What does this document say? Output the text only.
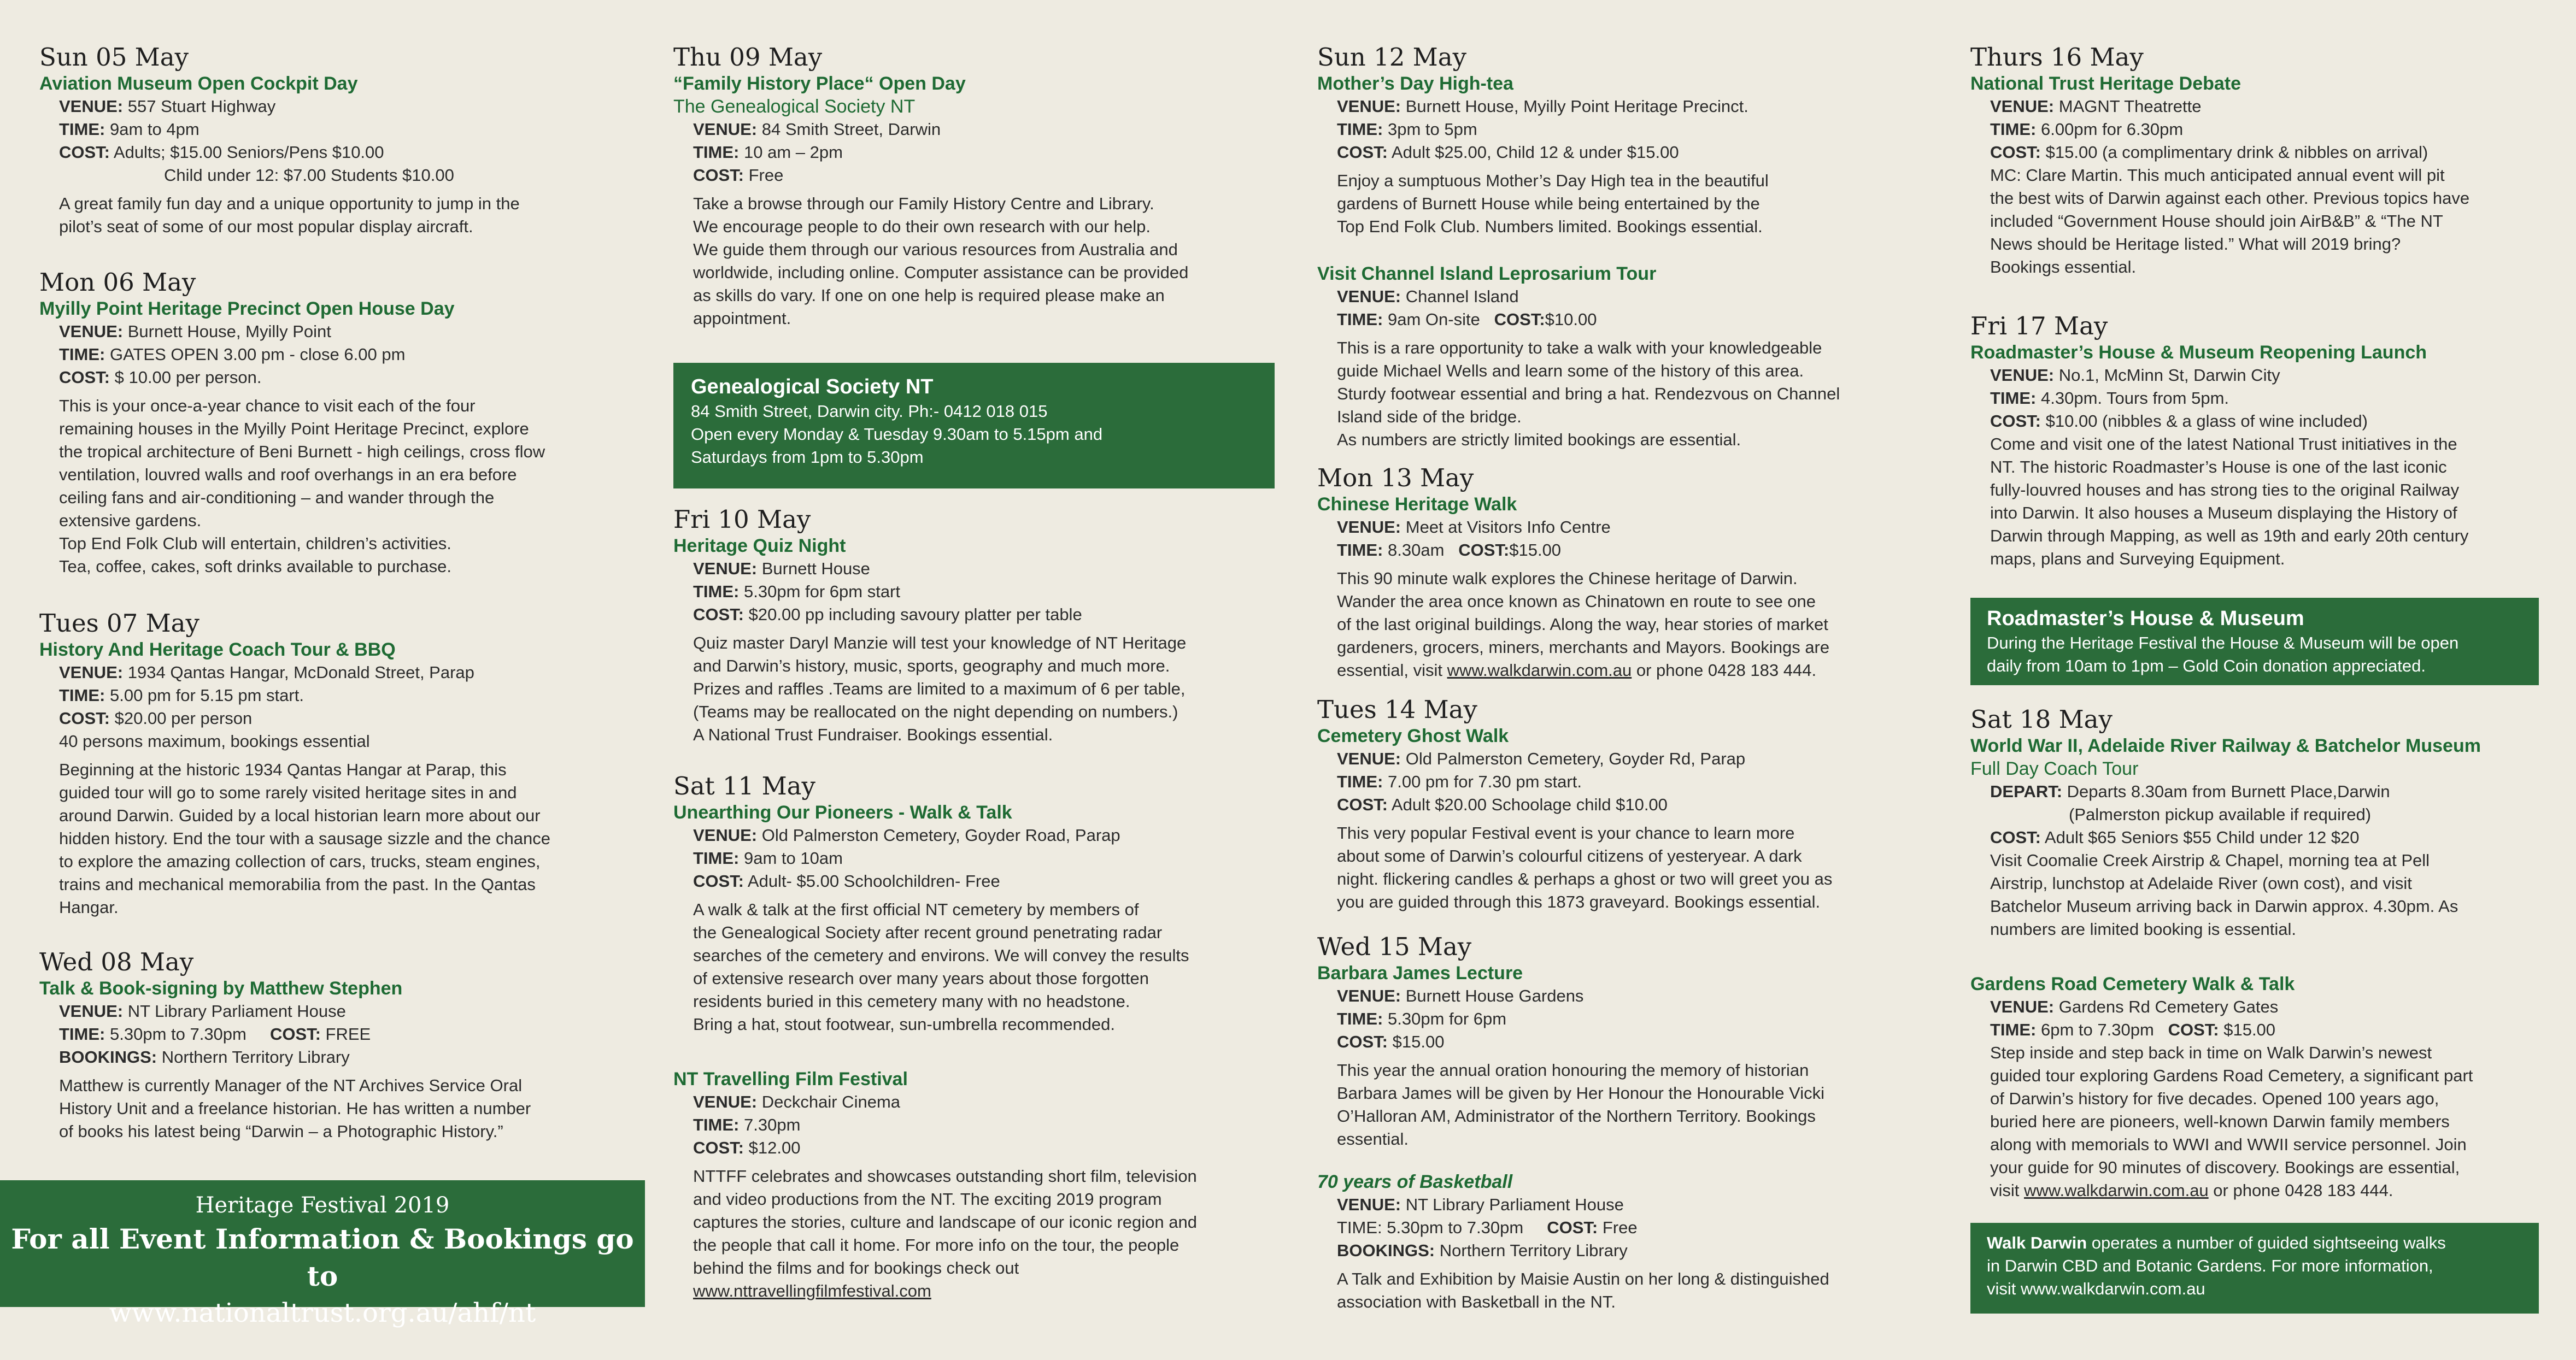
Sun 05 May

Aviation Museum Open Cockpit Day

VENUE: 557 Stuart Highway

TIME: 9am to 4pm

COST: Adults; $15.00 Seniors/Pens $10.00

Child under 12: $7.00 Students $10.00

A great family fun day and a unique opportunity to jump in the

pilot’s seat of some of our most popular display aircraft.

Mon 06 May

Myilly Point Heritage Precinct Open House Day

VENUE: Burnett House, Myilly Point

TIME: GATES OPEN 3.00 pm - close 6.00 pm

COST: $ 10.00 per person.

This is your once-a-year chance to visit each of the four

remaining houses in the Myilly Point Heritage Precinct, explore

the tropical architecture of Beni Burnett - high ceilings, cross flow

ventilation, louvred walls and roof overhangs in an era before

ceiling fans and air-conditioning – and wander through the

extensive gardens.

Top End Folk Club will entertain, children’s activities.

Tea, coffee, cakes, soft drinks available to purchase.

Tues 07 May

History And Heritage Coach Tour & BBQ

VENUE: 1934 Qantas Hangar, McDonald Street, Parap

TIME: 5.00 pm for 5.15 pm start.

COST: $20.00 per person

40 persons maximum, bookings essential

Beginning at the historic 1934 Qantas Hangar at Parap, this

guided tour will go to some rarely visited heritage sites in and

around Darwin. Guided by a local historian learn more about our

hidden history. End the tour with a sausage sizzle and the chance

to explore the amazing collection of cars, trucks, steam engines,

trains and mechanical memorabilia from the past. In the Qantas

Hangar.

Wed 08 May

Talk & Book-signing by Matthew Stephen

VENUE: NT Library Parliament House

TIME: 5.30pm to 7.30pm     COST: FREE

BOOKINGS: Northern Territory Library

Matthew is currently Manager of the NT Archives Service Oral

History Unit and a freelance historian. He has written a number

of books his latest being “Darwin – a Photographic History.”

Heritage Festival 2019
For all Event Information & Bookings go to
www.nationaltrust.org.au/ahf/nt

Thu 09 May

“Family History Place“ Open Day

The Genealogical Society NT

VENUE: 84 Smith Street, Darwin

TIME: 10 am – 2pm

COST: Free

Take a browse through our Family History Centre and Library.

We encourage people to do their own research with our help.

We guide them through our various resources from Australia and

worldwide, including online. Computer assistance can be provided

as skills do vary. If one on one help is required please make an

appointment.

Genealogical Society NT

84 Smith Street, Darwin city. Ph:- 0412 018 015

Open every Monday & Tuesday 9.30am to 5.15pm and

Saturdays from 1pm to 5.30pm

Fri 10 May

Heritage Quiz Night

VENUE: Burnett House

TIME: 5.30pm for 6pm start

COST: $20.00 pp including savoury platter per table

Quiz master Daryl Manzie will test your knowledge of NT Heritage

and Darwin’s history, music, sports, geography and much more.

Prizes and raffles .Teams are limited to a maximum of 6 per table,

(Teams may be reallocated on the night depending on numbers.)

A National Trust Fundraiser. Bookings essential.

Sat 11 May

Unearthing Our Pioneers - Walk & Talk

VENUE: Old Palmerston Cemetery, Goyder Road, Parap

TIME: 9am to 10am

COST: Adult- $5.00 Schoolchildren- Free

A walk & talk at the first official NT cemetery by members of

the Genealogical Society after recent ground penetrating radar

searches of the cemetery and environs. We will convey the results

of extensive research over many years about those forgotten

residents buried in this cemetery many with no headstone.

Bring a hat, stout footwear, sun-umbrella recommended.

NT Travelling Film Festival

VENUE: Deckchair Cinema

TIME: 7.30pm

COST: $12.00

NTTFF celebrates and showcases outstanding short film, television

and video productions from the NT. The exciting 2019 program

captures the stories, culture and landscape of our iconic region and

the people that call it home. For more info on the tour, the people

behind the films and for bookings check out

www.nttravellingfilmfestival.com

Sun 12 May

Mother’s Day High-tea

VENUE: Burnett House, Myilly Point Heritage Precinct.

TIME: 3pm to 5pm

COST: Adult $25.00, Child 12 & under $15.00

Enjoy a sumptuous Mother’s Day High tea in the beautiful

gardens of Burnett House while being entertained by the

Top End Folk Club. Numbers limited. Bookings essential.

Visit Channel Island Leprosarium Tour

VENUE: Channel Island

TIME: 9am On-site   COST:$10.00

This is a rare opportunity to take a walk with your knowledgeable

guide Michael Wells and learn some of the history of this area.

Sturdy footwear essential and bring a hat. Rendezvous on Channel

Island side of the bridge.

As numbers are strictly limited bookings are essential.

Mon 13 May

Chinese Heritage Walk

VENUE: Meet at Visitors Info Centre

TIME: 8.30am   COST:$15.00

This 90 minute walk explores the Chinese heritage of Darwin.

Wander the area once known as Chinatown en route to see one

of the last original buildings. Along the way, hear stories of market

gardeners, grocers, miners, merchants and Mayors. Bookings are

essential, visit www.walkdarwin.com.au or phone 0428 183 444.

Tues 14 May

Cemetery Ghost Walk

VENUE: Old Palmerston Cemetery, Goyder Rd, Parap

TIME: 7.00 pm for 7.30 pm start.

COST: Adult $20.00 Schoolage child $10.00

This very popular Festival event is your chance to learn more

about some of Darwin’s colourful citizens of yesteryear. A dark

night. flickering candles & perhaps a ghost or two will greet you as

you are guided through this 1873 graveyard. Bookings essential.

Wed 15 May

Barbara James Lecture

VENUE: Burnett House Gardens

TIME: 5.30pm for 6pm

COST: $15.00

This year the annual oration honouring the memory of historian

Barbara James will be given by Her Honour the Honourable Vicki

O’Halloran AM, Administrator of the Northern Territory. Bookings

essential.

70 years of Basketball

VENUE: NT Library Parliament House

TIME: 5.30pm to 7.30pm     COST: Free

BOOKINGS: Northern Territory Library

A Talk and Exhibition by Maisie Austin on her long & distinguished

association with Basketball in the NT.

Thurs 16 May

National Trust Heritage Debate

VENUE: MAGNT Theatrette

TIME: 6.00pm for 6.30pm

COST: $15.00 (a complimentary drink & nibbles on arrival)

MC: Clare Martin. This much anticipated annual event will pit

the best wits of Darwin against each other. Previous topics have

included “Government House should join AirB&B” & “The NT

News should be Heritage listed.” What will 2019 bring?

Bookings essential.

Fri 17 May

Roadmaster’s House & Museum Reopening Launch

VENUE: No.1, McMinn St, Darwin City

TIME: 4.30pm. Tours from 5pm.

COST: $10.00 (nibbles & a glass of wine included)

Come and visit one of the latest National Trust initiatives in the

NT. The historic Roadmaster’s House is one of the last iconic

fully-louvred houses and has strong ties to the original Railway

into Darwin. It also houses a Museum displaying the History of

Darwin through Mapping, as well as 19th and early 20th century

maps, plans and Surveying Equipment.

Roadmaster’s House & Museum

During the Heritage Festival the House & Museum will be open

daily from 10am to 1pm – Gold Coin donation appreciated.

Sat 18 May

World War II, Adelaide River Railway & Batchelor Museum

Full Day Coach Tour

DEPART: Departs 8.30am from Burnett Place,Darwin

(Palmerston pickup available if required)

COST: Adult $65 Seniors $55 Child under 12 $20

Visit Coomalie Creek Airstrip & Chapel, morning tea at Pell

Airstrip, lunchstop at Adelaide River (own cost), and visit

Batchelor Museum arriving back in Darwin approx. 4.30pm. As

numbers are limited booking is essential.

Gardens Road Cemetery Walk & Talk

VENUE: Gardens Rd Cemetery Gates

TIME: 6pm to 7.30pm   COST: $15.00

Step inside and step back in time on Walk Darwin’s newest

guided tour exploring Gardens Road Cemetery, a significant part

of Darwin’s history for five decades. Opened 100 years ago,

buried here are pioneers, well-known Darwin family members

along with memorials to WWI and WWII service personnel. Join

your guide for 90 minutes of discovery. Bookings are essential,

visit www.walkdarwin.com.au or phone 0428 183 444.

Walk Darwin operates a number of guided sightseeing walks

in Darwin CBD and Botanic Gardens. For more information,

visit www.walkdarwin.com.au
